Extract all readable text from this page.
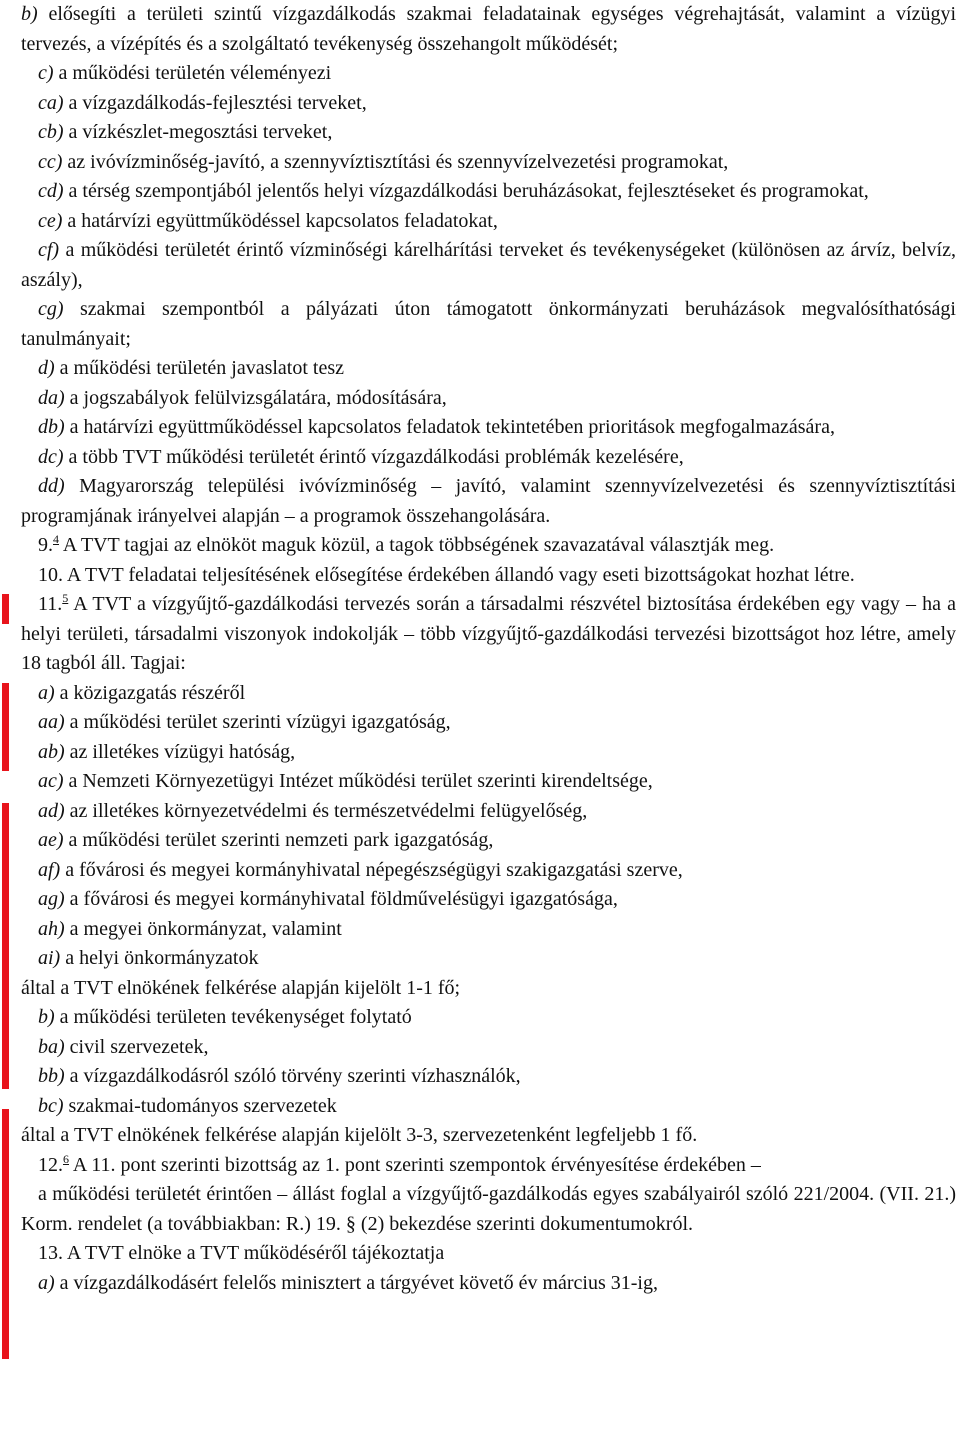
b) elősegíti a területi szintű vízgazdálkodás szakmai feladatainak egységes végrehajtását, valamint a vízügyi tervezés, a vízépítés és a szolgáltató tevékenység összehangolt működését;

c) a működési területén véleményezi

ca) a vízgazdálkodás-fejlesztési terveket,

cb) a vízkészlet-megosztási terveket,

cc) az ivóvízminőség-javító, a szennyvíztisztítási és szennyvízelvezetési programokat,

cd) a térség szempontjából jelentős helyi vízgazdálkodási beruházásokat, fejlesztéseket és programokat,

ce) a határvízi együttműködéssel kapcsolatos feladatokat,

cf) a működési területét érintő vízminőségi kárelhárítási terveket és tevékenységeket (különösen az árvíz, belvíz, aszály),

cg) szakmai szempontból a pályázati úton támogatott önkormányzati beruházások megvalósíthatósági tanulmányait;

d) a működési területén javaslatot tesz

da) a jogszabályok felülvizsgálatára, módosítására,

db) a határvízi együttműködéssel kapcsolatos feladatok tekintetében prioritások megfogalmazására,

dc) a több TVT működési területét érintő vízgazdálkodási problémák kezelésére,

dd) Magyarország települési ivóvízminőség – javító, valamint szennyvízelvezetési és szennyvíztisztítási programjának irányelvei alapján – a programok összehangolására.

9.$^4$ A TVT tagjai az elnököt maguk közül, a tagok többségének szavazatával választják meg.

10. A TVT feladatai teljesítésének elősegítése érdekében állandó vagy eseti bizottságokat hozhat létre.

11.$^5$ A TVT a vízgyűjtő-gazdálkodási tervezés során a társadalmi részvétel biztosítása érdekében egy vagy – ha a helyi területi, társadalmi viszonyok indokolják – több vízgyűjtő-gazdálkodási tervezési bizottságot hoz létre, amely 18 tagból áll. Tagjai:

a) a közigazgatás részéről

aa) a működési terület szerinti vízügyi igazgatóság,

ab) az illetékes vízügyi hatóság,

ac) a Nemzeti Környezetügyi Intézet működési terület szerinti kirendeltsége,

ad) az illetékes környezetvédelmi és természetvédelmi felügyelőség,

ae) a működési terület szerinti nemzeti park igazgatóság,

af) a fővárosi és megyei kormányhivatal népegészségügyi szakigazgatási szerve,

ag) a fővárosi és megyei kormányhivatal földművelésügyi igazgatósága,

ah) a megyei önkormányzat, valamint

ai) a helyi önkormányzatok

által a TVT elnökének felkérése alapján kijelölt 1-1 fő;

b) a működési területen tevékenységet folytató

ba) civil szervezetek,

bb) a vízgazdálkodásról szóló törvény szerinti vízhasználók,

bc) szakmai-tudományos szervezetek

által a TVT elnökének felkérése alapján kijelölt 3-3, szervezetenként legfeljebb 1 fő.

12.$^6$ A 11. pont szerinti bizottság az 1. pont szerinti szempontok érvényesítése érdekében –

a működési területét érintően – állást foglal a vízgyűjtő-gazdálkodás egyes szabályairól szóló 221/2004. (VII. 21.) Korm. rendelet (a továbbiakban: R.) 19. § (2) bekezdése szerinti dokumentumokról.

13. A TVT elnöke a TVT működéséről tájékoztatja

a) a vízgazdálkodásért felelős minisztert a tárgyévet követő év március 31-ig,
